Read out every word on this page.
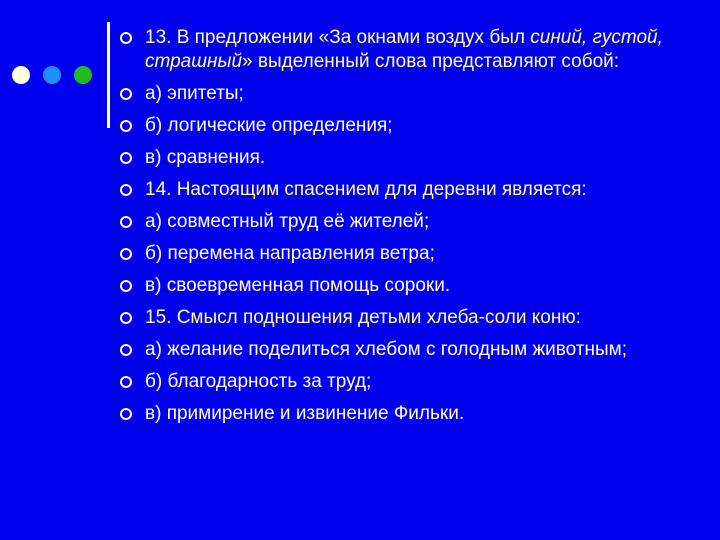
13. В предложении «За окнами воздух был синий, густой, страшный» выделенный слова представляют собой:
а) эпитеты;
б) логические определения;
в) сравнения.
14. Настоящим спасением для деревни является:
а) совместный труд её жителей;
б) перемена направления ветра;
в) своевременная помощь сороки.
15. Смысл подношения детьми хлеба-соли коню:
а) желание поделиться хлебом с голодным животным;
б) благодарность за труд;
в) примирение и извинение Фильки.
